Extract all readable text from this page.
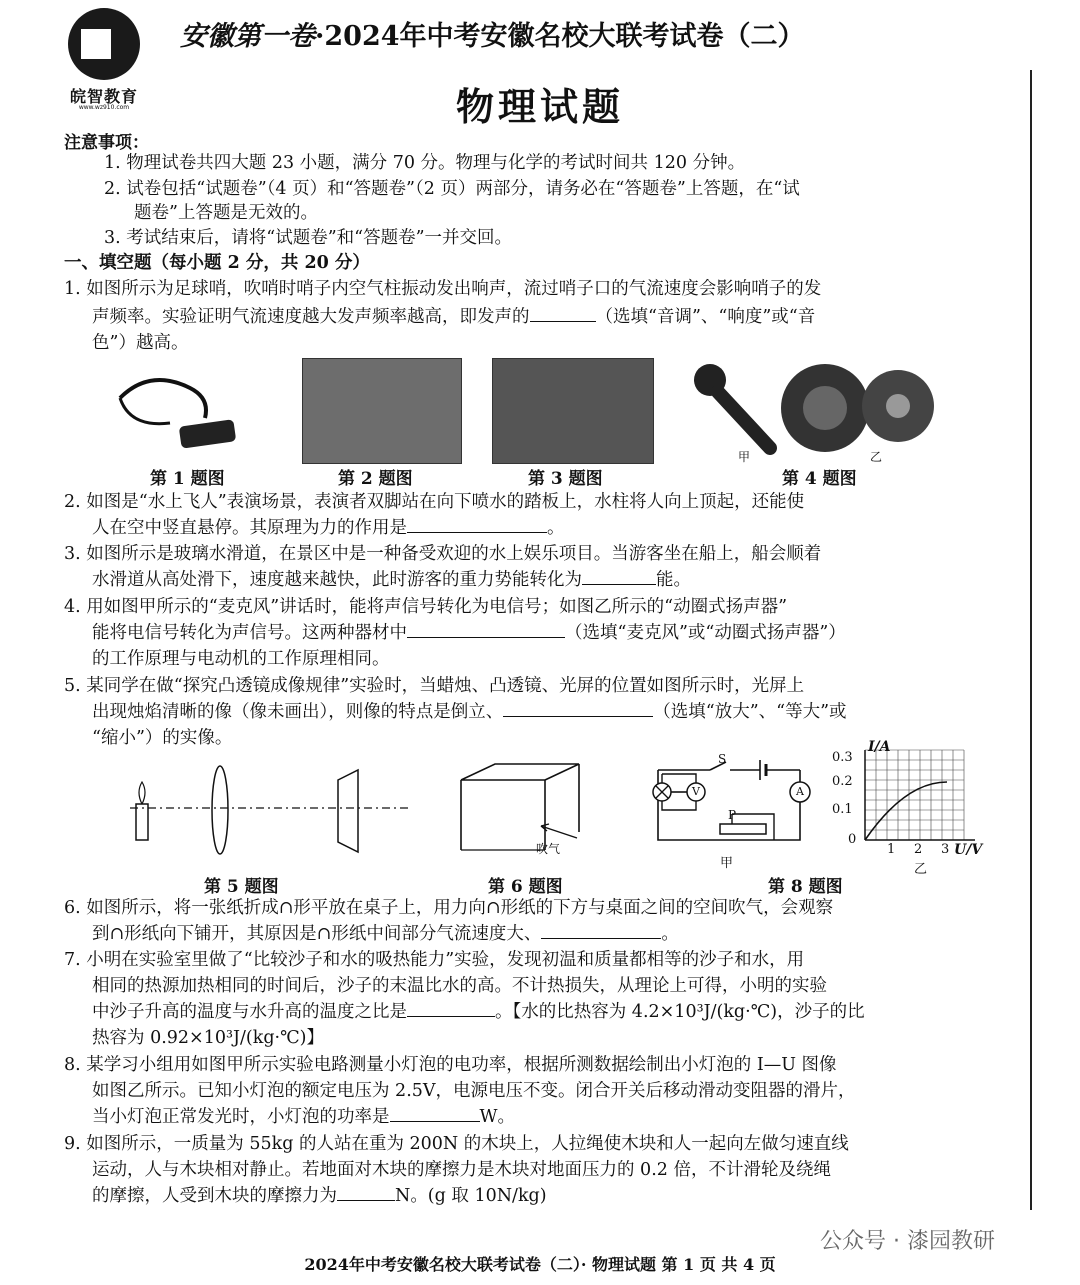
皖智教育
www.wz910.com
安徽第一卷·2024年中考安徽名校大联考试卷（二）
物理试题
注意事项：
1. 物理试卷共四大题 23 小题，满分 70 分。物理与化学的考试时间共 120 分钟。
2. 试卷包括“试题卷”（4 页）和“答题卷”（2 页）两部分，请务必在“答题卷”上答题，在“试
题卷”上答题是无效的。
3. 考试结束后，请将“试题卷”和“答题卷”一并交回。
一、填空题（每小题 2 分，共 20 分）
1. 如图所示为足球哨，吹哨时哨子内空气柱振动发出响声，流过哨子口的气流速度会影响哨子的发
声频率。实验证明气流速度越大发声频率越高，即发声的	（选填“音调”、“响度”或“音
色”）越高。
第 1 题图	第 2 题图	第 3 题图
甲
第 4 题图
乙
2. 如图是“水上飞人”表演场景，表演者双脚站在向下喷水的踏板上，水柱将人向上顶起，还能使
人在空中竖直悬停。其原理为力的作用是	。
3. 如图所示是玻璃水滑道，在景区中是一种备受欢迎的水上娱乐项目。当游客坐在船上，船会顺着
水滑道从高处滑下，速度越来越快，此时游客的重力势能转化为	能。
4. 用如图甲所示的“麦克风”讲话时，能将声信号转化为电信号；如图乙所示的“动圈式扬声器”
能将电信号转化为声信号。这两种器材中	（选填“麦克风”或“动圈式扬声器”）
的工作原理与电动机的工作原理相同。
5. 某同学在做“探究凸透镜成像规律”实验时，当蜡烛、凸透镜、光屏的位置如图所示时，光屏上
出现烛焰清晰的像（像未画出），则像的特点是倒立、	（选填“放大”、“等大”或
“缩小”）的实像。
吹气
S
V	A
P
甲
I/A
0.3
0.2
0.1
0
1 2 3 U/V
乙
第 5 题图	第 6 题图	第 8 题图
6. 如图所示，将一张纸折成∩形平放在桌子上，用力向∩形纸的下方与桌面之间的空间吹气，会观察
到∩形纸向下铺开，其原因是∩形纸中间部分气流速度大、	。
7. 小明在实验室里做了“比较沙子和水的吸热能力”实验，发现初温和质量都相等的沙子和水，用
相同的热源加热相同的时间后，沙子的末温比水的高。不计热损失，从理论上可得，小明的实验
中沙子升高的温度与水升高的温度之比是	。【水的比热容为 4.2×10³J/(kg·℃)，沙子的比
热容为 0.92×10³J/(kg·℃)】
8. 某学习小组用如图甲所示实验电路测量小灯泡的电功率，根据所测数据绘制出小灯泡的 I—U 图像
如图乙所示。已知小灯泡的额定电压为 2.5V，电源电压不变。闭合开关后移动滑动变阻器的滑片，
当小灯泡正常发光时，小灯泡的功率是	W。
9. 如图所示，一质量为 55kg 的人站在重为 200N 的木块上，人拉绳使木块和人一起向左做匀速直线
运动，人与木块相对静止。若地面对木块的摩擦力是木块对地面压力的 0.2 倍，不计滑轮及绕绳
的摩擦，人受到木块的摩擦力为	N。(g 取 10N/kg)
公众号 · 漆园教研
2024年中考安徽名校大联考试卷（二）· 物理试题 第 1 页 共 4 页
